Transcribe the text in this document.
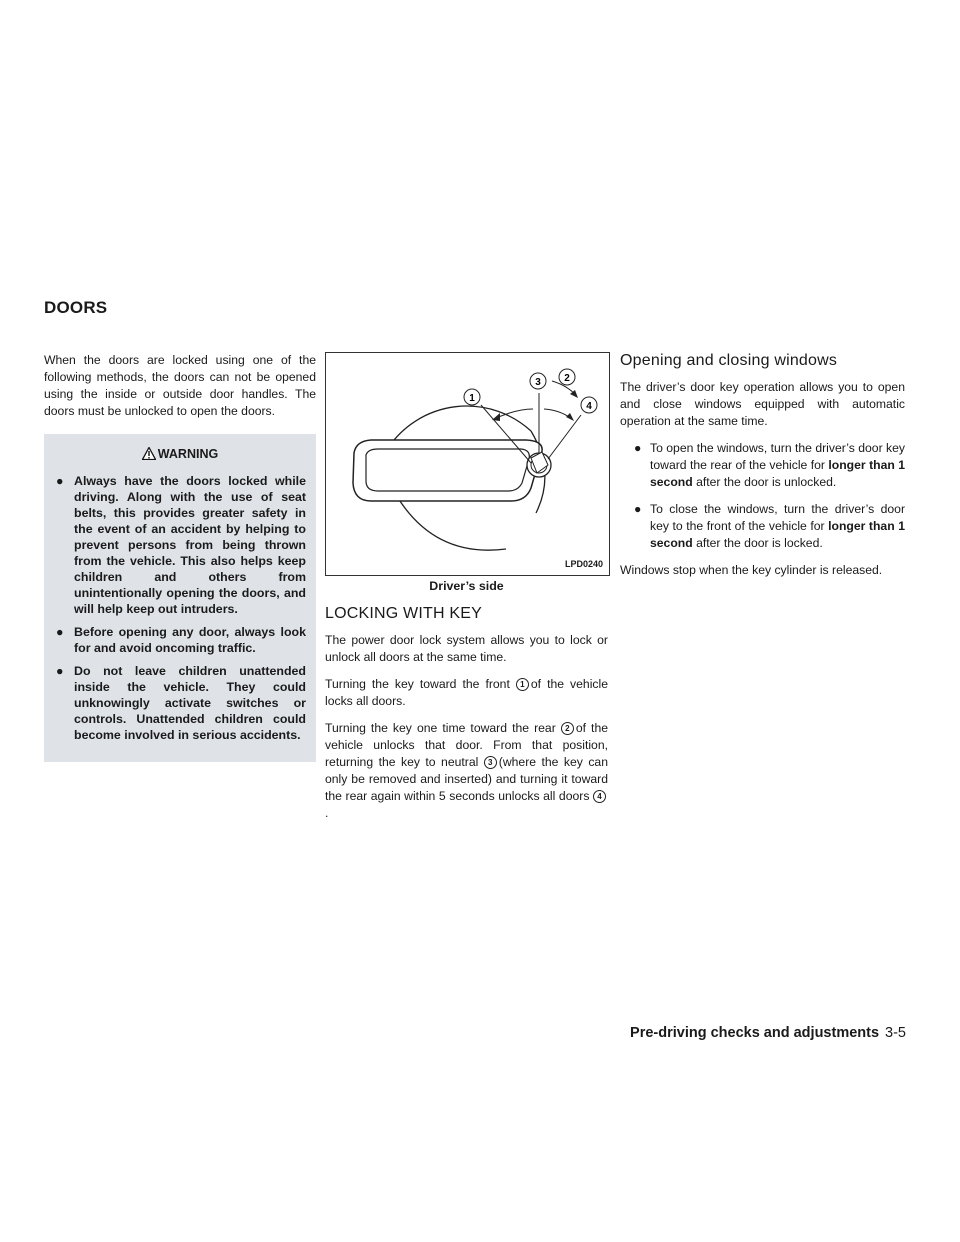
DOORS

When the doors are locked using one of the following methods, the doors can not be opened using the inside or outside door handles. The doors must be unlocked to open the doors.

WARNING
● Always have the doors locked while driving. Along with the use of seat belts, this provides greater safety in the event of an accident by helping to prevent persons from being thrown from the vehicle. This also helps keep children and others from unintentionally opening the doors, and will help keep out intruders.
● Before opening any door, always look for and avoid oncoming traffic.
● Do not leave children unattended inside the vehicle. They could unknowingly activate switches or controls. Unattended children could become involved in serious accidents.
1
2
3
4
LPD0240
Driver’s side
LOCKING WITH KEY

The power door lock system allows you to lock or unlock all doors at the same time.

Turning the key toward the front 1 of the vehicle locks all doors.

Turning the key one time toward the rear 2 of the vehicle unlocks that door. From that position, returning the key to neutral 3 (where the key can only be removed and inserted) and turning it toward the rear again within 5 seconds unlocks all doors 4.

Opening and closing windows

The driver’s door key operation allows you to open and close windows equipped with automatic operation at the same time.

● To open the windows, turn the driver’s door key toward the rear of the vehicle for longer than 1 second after the door is unlocked.
● To close the windows, turn the driver’s door key to the front of the vehicle for longer than 1 second after the door is locked.

Windows stop when the key cylinder is released.

Pre-driving checks and adjustments 3-5
